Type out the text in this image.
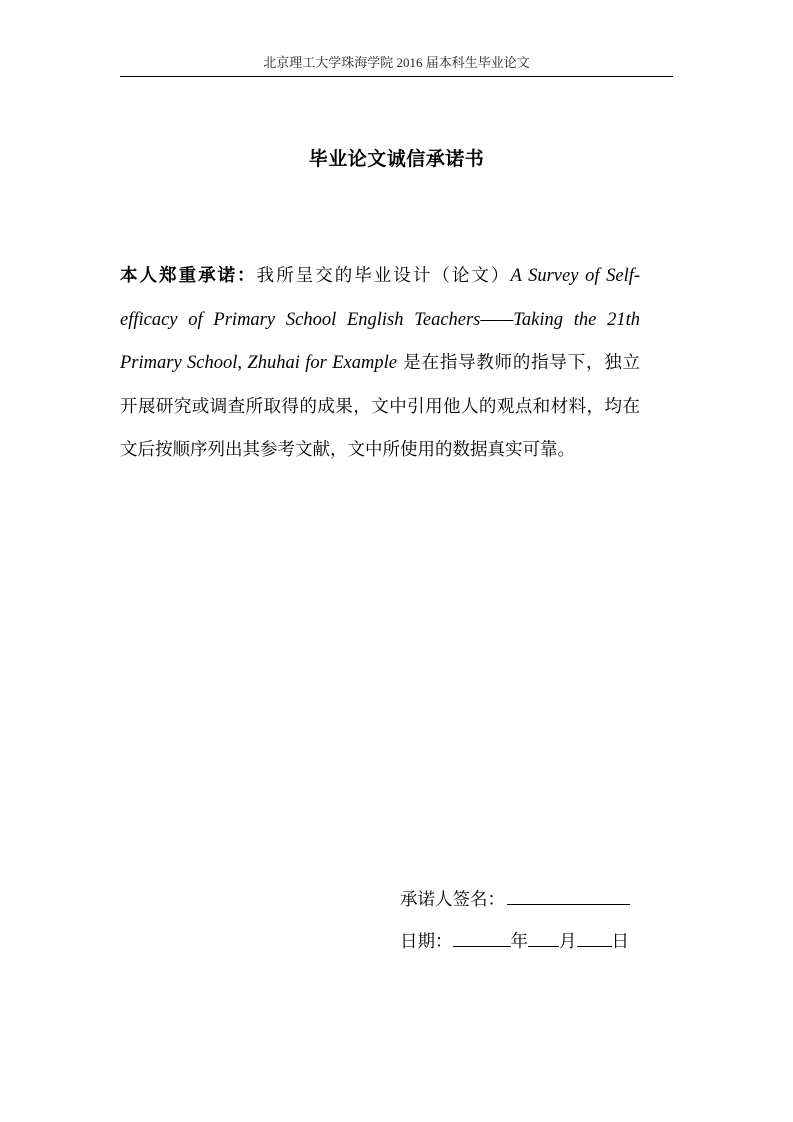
北京理工大学珠海学院 2016 届本科生毕业论文
毕业论文诚信承诺书
本人郑重承诺：我所呈交的毕业设计（论文）A Survey of Self-efficacy of Primary School English Teachers——Taking the 21th Primary School, Zhuhai for Example 是在指导教师的指导下，独立开展研究或调查所取得的成果，文中引用他人的观点和材料，均在文后按顺序列出其参考文献，文中所使用的数据真实可靠。
承诺人签名：
日期：	年 月 日
